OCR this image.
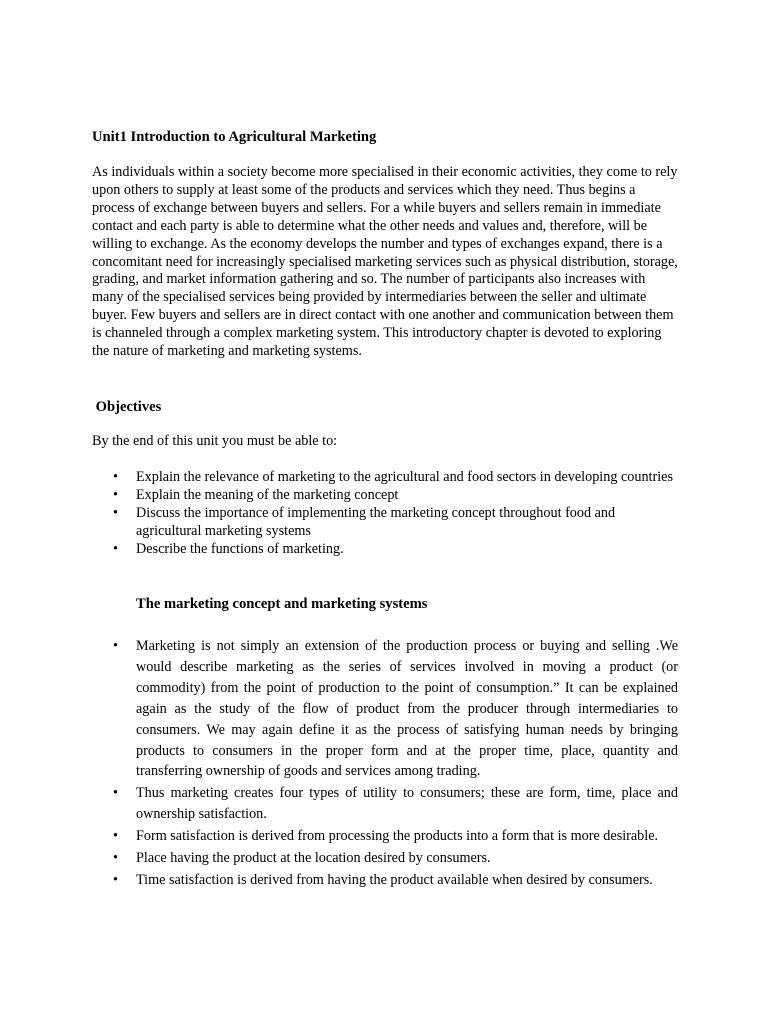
Unit1 Introduction to Agricultural Marketing

As individuals within a society become more specialised in their economic activities, they come to rely upon others to supply at least some of the products and services which they need. Thus begins a process of exchange between buyers and sellers. For a while buyers and sellers remain in immediate contact and each party is able to determine what the other needs and values and, therefore, will be willing to exchange. As the economy develops the number and types of exchanges expand, there is a concomitant need for increasingly specialised marketing services such as physical distribution, storage, grading, and market information gathering and so. The number of participants also increases with many of the specialised services being provided by intermediaries between the seller and ultimate buyer. Few buyers and sellers are in direct contact with one another and communication between them is channeled through a complex marketing system. This introductory chapter is devoted to exploring the nature of marketing and marketing systems.

Objectives

By the end of this unit you must be able to:

•	Explain the relevance of marketing to the agricultural and food sectors in developing countries
•	Explain the meaning of the marketing concept
•	Discuss the importance of implementing the marketing concept throughout food and agricultural marketing systems
•	Describe the functions of marketing.
The marketing concept and marketing systems
•	Marketing is not simply an extension of the production process or buying and selling .We would describe marketing as the series of services involved in moving a product (or commodity) from the point of production to the point of consumption.” It can be explained again as the study of the flow of product from the producer through intermediaries to consumers. We may again define it as the process of satisfying human needs by bringing products to consumers in the proper form and at the proper time, place, quantity and transferring ownership of goods and services among trading.
•	Thus marketing creates four types of utility to consumers; these are form, time, place and ownership satisfaction.
•	Form satisfaction is derived from processing the products into a form that is more desirable.
•	Place having the product at the location desired by consumers.
•	Time satisfaction is derived from having the product available when desired by consumers.
